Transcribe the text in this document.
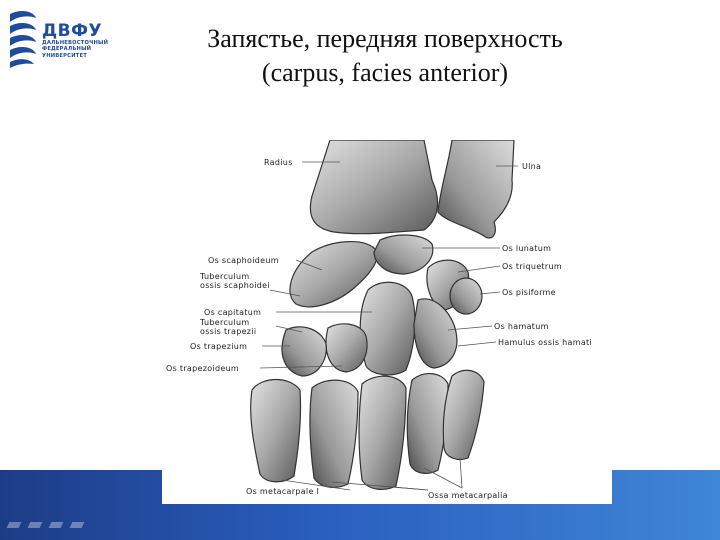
ДВФУ
ДАЛЬНЕВОСТОЧНЫЙ
ФЕДЕРАЛЬНЫЙ
УНИВЕРСИТЕТ
Запястье, передняя поверхность
(carpus, facies anterior)
Radius	Ulna
Os lunatum
Os scaphoideum
Os triquetrum
Tuberculum
ossis scaphoidei
Os pisiforme
Os capitatum
Tuberculum
ossis trapezii
Os hamatum
Os trapezium	Hamulus ossis hamati
Os trapezoideum
Os metacarpale I	Ossa metacarpalia
